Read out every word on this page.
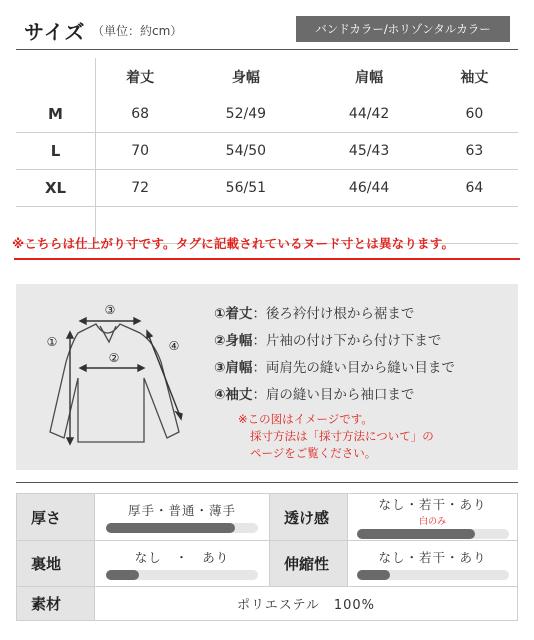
サイズ （単位：約cm）	バンドカラー/ホリゾンタルカラー
	着丈	身幅	肩幅	袖丈
M	68	52/49	44/42	60
L	70	54/50	45/43	63
XL	72	56/51	46/44	64

※こちらは仕上がり寸です。タグに記載されているヌード寸とは異なります。
③
①
②
④
①着丈：後ろ衿付け根から裾まで
②身幅：片袖の付け下から付け下まで
③肩幅：両肩先の縫い目から縫い目まで
④袖丈：肩の縫い目から袖口まで
※この図はイメージです。
採寸方法は「採寸方法について」の
ページをご覧ください。
厚さ	厚手・普通・薄手	透け感	なし・若干・あり
白のみ

裏地	なし　・　あり	伸縮性	なし・若干・あり

素材	ポリエステル　100%		
